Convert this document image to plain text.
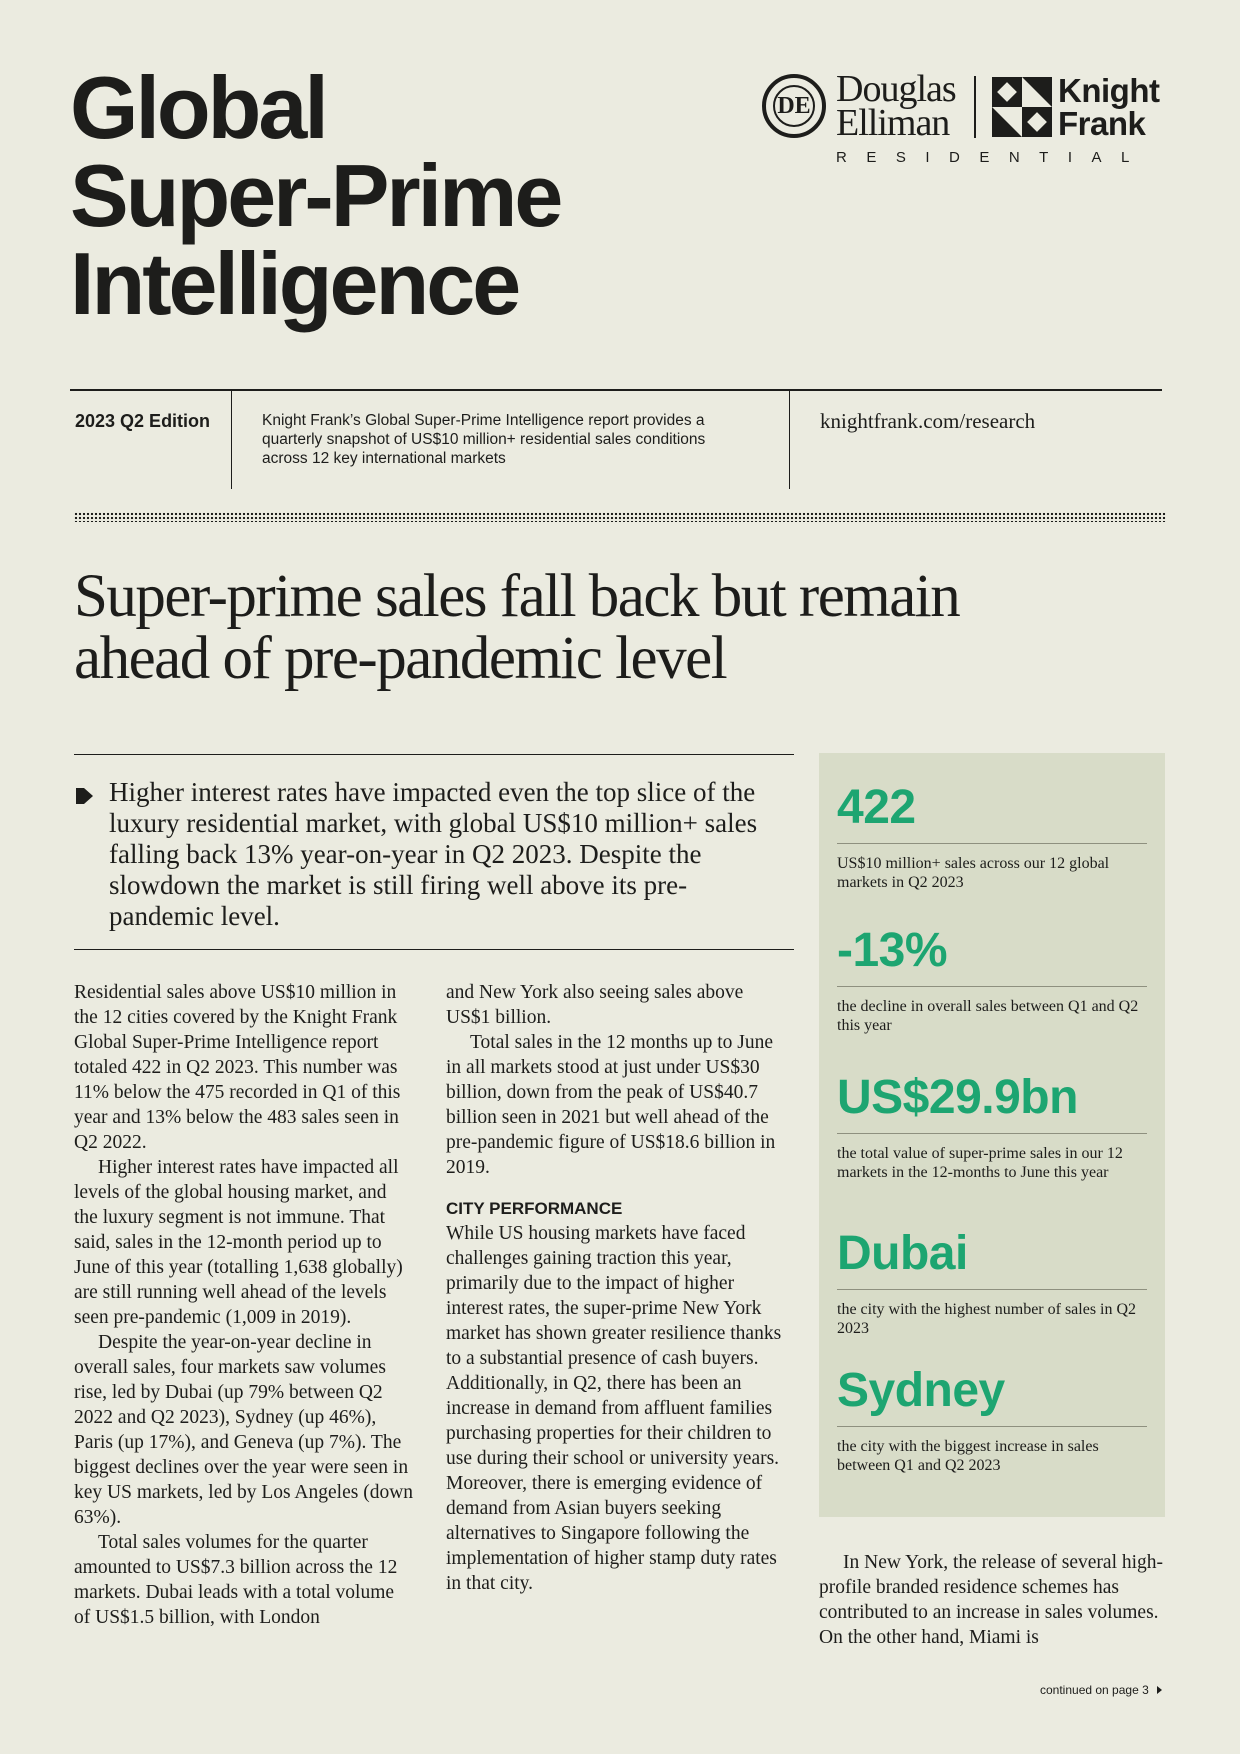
Global
Super-Prime
Intelligence
DE Douglas
Elliman
Knight
Frank
RESIDENTIAL
2023 Q2 Edition	Knight Frank’s Global Super-Prime Intelligence report provides a quarterly snapshot of US$10 million+ residential sales conditions across 12 key international markets
knightfrank.com/research
Super-prime sales fall back but remain
ahead of pre-pandemic level

Higher interest rates have impacted even the top slice of the luxury residential market, with global US$10 million+ sales falling back 13% year-on-year in Q2 2023. Despite the slowdown the market is still firing well above its pre-pandemic level.

Residential sales above US$10 million in the 12 cities covered by the Knight Frank Global Super-Prime Intelligence report totaled 422 in Q2 2023. This number was 11% below the 475 recorded in Q1 of this year and 13% below the 483 sales seen in Q2 2022.

Higher interest rates have impacted all levels of the global housing market, and the luxury segment is not immune. That said, sales in the 12-month period up to June of this year (totalling 1,638 globally) are still running well ahead of the levels seen pre-pandemic (1,009 in 2019).

Despite the year-on-year decline in overall sales, four markets saw volumes rise, led by Dubai (up 79% between Q2 2022 and Q2 2023), Sydney (up 46%), Paris (up 17%), and Geneva (up 7%). The biggest declines over the year were seen in key US markets, led by Los Angeles (down 63%).

Total sales volumes for the quarter amounted to US$7.3 billion across the 12 markets. Dubai leads with a total volume of US$1.5 billion, with London

and New York also seeing sales above US$1 billion.

Total sales in the 12 months up to June in all markets stood at just under US$30 billion, down from the peak of US$40.7 billion seen in 2021 but well ahead of the pre-pandemic figure of US$18.6 billion in 2019.

CITY PERFORMANCE

While US housing markets have faced challenges gaining traction this year, primarily due to the impact of higher interest rates, the super-prime New York market has shown greater resilience thanks to a substantial presence of cash buyers. Additionally, in Q2, there has been an increase in demand from affluent families purchasing properties for their children to use during their school or university years. Moreover, there is emerging evidence of demand from Asian buyers seeking alternatives to Singapore following the implementation of higher stamp duty rates in that city.

422
US$10 million+ sales across our 12 global markets in Q2 2023
-13%
the decline in overall sales between Q1 and Q2 this year
US$29.9bn
the total value of super-prime sales in our 12 markets in the 12-months to June this year
Dubai
the city with the highest number of sales in Q2 2023
Sydney
the city with the biggest increase in sales between Q1 and Q2 2023

In New York, the release of several high-profile branded residence schemes has contributed to an increase in sales volumes. On the other hand, Miami is

continued on page 3
